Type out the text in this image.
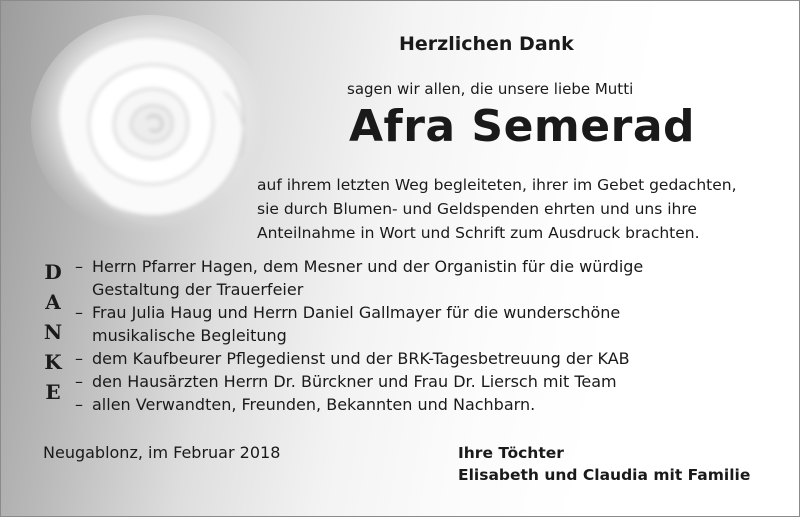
Herzlichen Dank
sagen wir allen, die unsere liebe Mutti
Afra Semerad
auf ihrem letzten Weg begleiteten, ihrer im Gebet gedachten,
sie durch Blumen- und Geldspenden ehrten und uns ihre
Anteilnahme in Wort und Schrift zum Ausdruck brachten.
D
A
N
K
E
– Herrn Pfarrer Hagen, dem Mesner und der Organistin für die würdige
Gestaltung der Trauerfeier
– Frau Julia Haug und Herrn Daniel Gallmayer für die wunderschöne
musikalische Begleitung
– dem Kaufbeurer Pflegedienst und der BRK-Tagesbetreuung der KAB
– den Hausärzten Herrn Dr. Bürckner und Frau Dr. Liersch mit Team
– allen Verwandten, Freunden, Bekannten und Nachbarn.
Neugablonz, im Februar 2018	Ihre Töchter
Elisabeth und Claudia mit Familie
